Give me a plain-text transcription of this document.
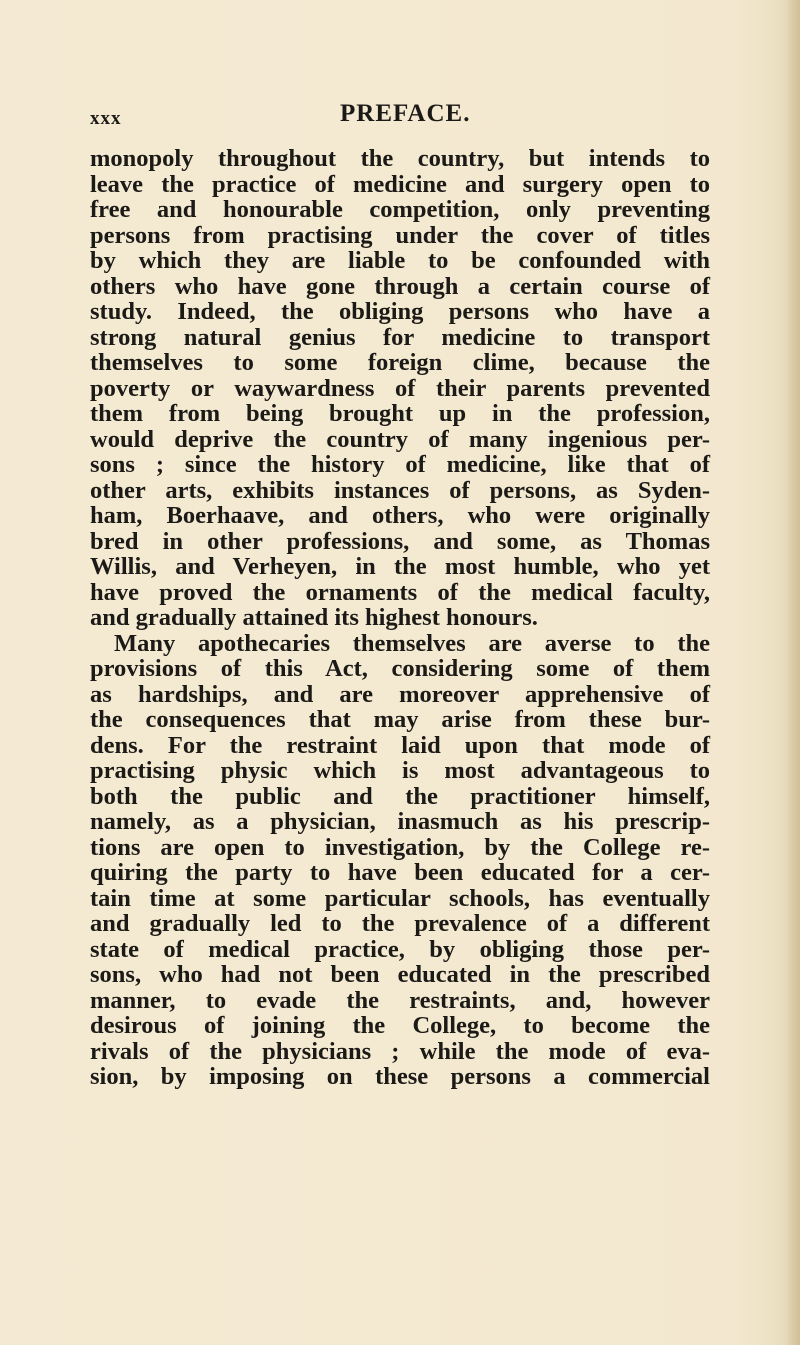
xxx	PREFACE.
monopoly throughout the country, but intends to
leave the practice of medicine and surgery open to
free and honourable competition, only preventing
persons from practising under the cover of titles
by which they are liable to be confounded with
others who have gone through a certain course of
study. Indeed, the obliging persons who have a
strong natural genius for medicine to transport
themselves to some foreign clime, because the
poverty or waywardness of their parents prevented
them from being brought up in the profession,
would deprive the country of many ingenious per-
sons ; since the history of medicine, like that of
other arts, exhibits instances of persons, as Syden-
ham, Boerhaave, and others, who were originally
bred in other professions, and some, as Thomas
Willis, and Verheyen, in the most humble, who yet
have proved the ornaments of the medical faculty,
and gradually attained its highest honours.
Many apothecaries themselves are averse to the
provisions of this Act, considering some of them
as hardships, and are moreover apprehensive of
the consequences that may arise from these bur-
dens. For the restraint laid upon that mode of
practising physic which is most advantageous to
both the public and the practitioner himself,
namely, as a physician, inasmuch as his prescrip-
tions are open to investigation, by the College re-
quiring the party to have been educated for a cer-
tain time at some particular schools, has eventually
and gradually led to the prevalence of a different
state of medical practice, by obliging those per-
sons, who had not been educated in the prescribed
manner, to evade the restraints, and, however
desirous of joining the College, to become the
rivals of the physicians ; while the mode of eva-
sion, by imposing on these persons a commercial
